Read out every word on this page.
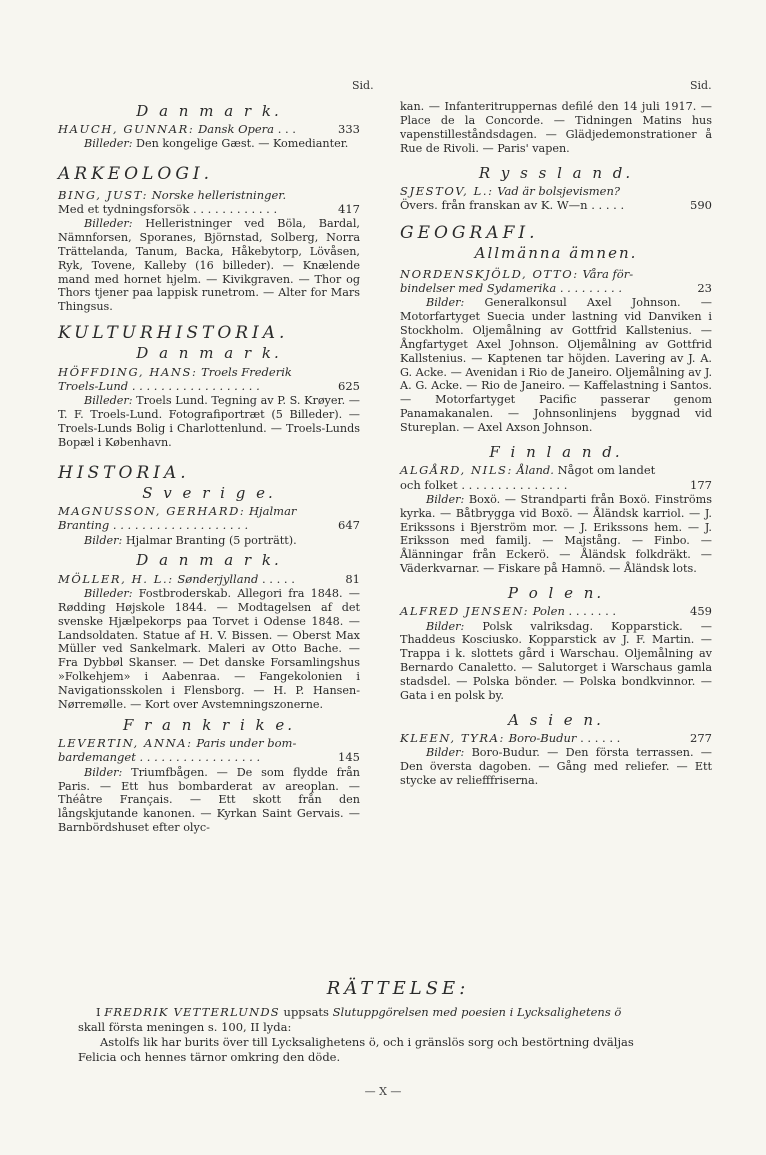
Sid.	Sid.
D a n m a r k.
HAUCH, GUNNAR: Dansk Opera . . .	333
Billeder: Den kongelige Gæst. — Komedianter.
ARKEOLOGI.
BING, JUST: Norske helleristninger.
Med et tydningsforsök . . . . . . . . . . . .	417
Billeder: Helleristninger ved Böla, Bardal, Nämnforsen, Sporanes, Björnstad, Solberg, Norra Trättelanda, Tanum, Backa, Håkebytorp, Lövåsen, Ryk, Tovene, Kalleby (16 billeder). — Knælende mand med hornet hjelm. — Kivikgraven. — Thor og Thors tjener paa lappisk runetrom. — Alter for Mars Thingsus.
KULTURHISTORIA.
D a n m a r k.
HÖFFDING, HANS: Troels Frederik
Troels-Lund . . . . . . . . . . . . . . . . . .	625
Billeder: Troels Lund. Tegning av P. S. Krøyer. — T. F. Troels-Lund. Fotografiportræt (5 Billeder). — Troels-Lunds Bolig i Charlottenlund. — Troels-Lunds Bopæl i København.
HISTORIA.
S v e r i g e.
MAGNUSSON, GERHARD: Hjalmar
Branting . . . . . . . . . . . . . . . . . . .	647
Bilder: Hjalmar Branting (5 porträtt).
D a n m a r k.
MÖLLER, H. L.: Sønderjylland . . . . .	81
Billeder: Fostbroderskab. Allegori fra 1848. — Rødding Højskole 1844. — Modtagelsen af det svenske Hjælpekorps paa Torvet i Odense 1848. — Landsoldaten. Statue af H. V. Bissen. — Oberst Max Müller ved Sankelmark. Maleri av Otto Bache. — Fra Dybbøl Skanser. — Det danske Forsamlingshus »Folkehjem» i Aabenraa. — Fangekolonien i Navigationsskolen i Flensborg. — H. P. Hansen-Nørremølle. — Kort over Avstemningszonerne.
F r a n k r i k e.
LEVERTIN, ANNA: Paris under bom-
bardemanget . . . . . . . . . . . . . . . . .	145
Bilder: Triumfbågen. — De som flydde från Paris. — Ett hus bombarderat av areoplan. — Théâtre Français. — Ett skott från den långskjutande kanonen. — Kyrkan Saint Gervais. — Barnbördshuset efter olyc-
kan. — Infanteritruppernas defilé den 14 juli 1917. — Place de la Concorde. — Tidningen Matins hus vapenstilleståndsdagen. — Glädjedemonstrationer å Rue de Rivoli. — Paris' vapen.
R y s s l a n d.
SJESTOV, L.: Vad är bolsjevismen?
Övers. från franskan av K. W—n . . . . .	590
GEOGRAFI.
Allmänna ämnen.
NORDENSKJÖLD, OTTO: Våra för-
bindelser med Sydamerika . . . . . . . . .	23
Bilder: Generalkonsul Axel Johnson. — Motorfartyget Suecia under lastning vid Danviken i Stockholm. Oljemålning av Gottfrid Kallstenius. — Ångfartyget Axel Johnson. Oljemålning av Gottfrid Kallstenius. — Kaptenen tar höjden. Lavering av J. A. G. Acke. — Avenidan i Rio de Janeiro. Oljemålning av J. A. G. Acke. — Rio de Janeiro. — Kaffelastning i Santos. — Motorfartyget Pacific passerar genom Panamakanalen. — Johnsonlinjens byggnad vid Stureplan. — Axel Axson Johnson.
F i n l a n d.
ALGÅRD, NILS: Åland. Något om landet och folket . . . . . . . . . . . . . . .	177
Bilder: Boxö. — Strandparti från Boxö. Finströms kyrka. — Båtbrygga vid Boxö. — Åländsk karriol. — J. Erikssons i Bjerström mor. — J. Erikssons hem. — J. Eriksson med familj. — Majstång. — Finbo. — Ålänningar från Eckerö. — Åländsk folkdräkt. — Väderkvarnar. — Fiskare på Hamnö. — Åländsk lots.
P o l e n.
ALFRED JENSEN: Polen . . . . . . .	459
Bilder: Polsk valriksdag. Kopparstick. — Thaddeus Kosciusko. Kopparstick av J. F. Martin. — Trappa i k. slottets gård i Warschau. Oljemålning av Bernardo Canaletto. — Salutorget i Warschaus gamla stadsdel. — Polska bönder. — Polska bondkvinnor. — Gata i en polsk by.
A s i e n.
KLEEN, TYRA: Boro-Budur . . . . . .	277
Bilder: Boro-Budur. — Den första terrassen. — Den översta dagoben. — Gång med reliefer. — Ett stycke av reliefffriserna.
RÄTTELSE:
I FREDRIK VETTERLUNDS uppsats Slutuppgörelsen med poesien i Lycksalighetens ö
skall första meningen s. 100, II lyda:
Astolfs lik har burits över till Lycksalighetens ö, och i gränslös sorg och bestörtning dväljas
Felicia och hennes tärnor omkring den döde.
— X —
